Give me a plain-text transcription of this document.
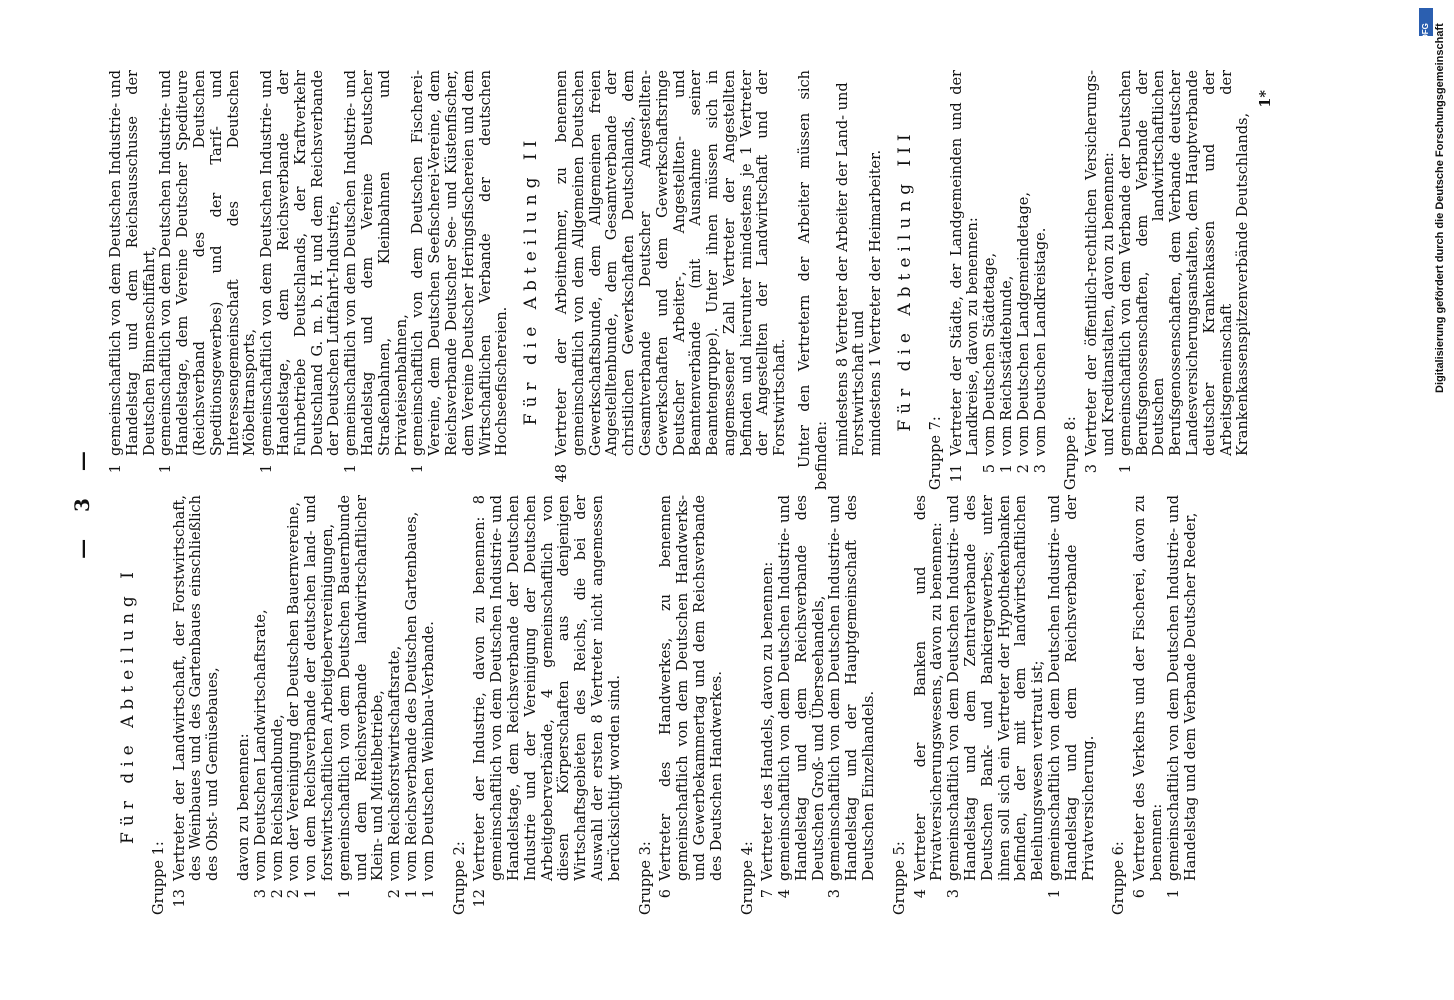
— 3 —
Für die Abteilung I
Gruppe 1: 13
Vertreter der Landwirtschaft, der Forstwirtschaft, des Weinbaues und des Gartenbaues einschließlich des Obst- und Gemüsebaues, davon zu benennen:
3
vom Deutschen Landwirtschaftsrate,
2
vom Reichslandbunde,
2
von der Vereinigung der Deutschen Bauernvereine,
1
von dem Reichsverbande der deutschen land- und forstwirtschaftlichen Arbeitgebervereinigungen,
1
gemeinschaftlich von dem Deutschen Bauernbunde und dem Reichsverbande landwirtschaftlicher Klein- und Mittelbetriebe,
2
vom Reichsforstwirtschaftsrate,
1
vom Reichsverbande des Deutschen Gartenbaues,
1
vom Deutschen Weinbau-Verbande. Gruppe 2: 12
Vertreter der Industrie, davon zu benennen: 8 gemeinschaftlich von dem Deutschen Industrie- und Handelstage, dem Reichsverbande der Deutschen Industrie und der Vereinigung der Deutschen Arbeitgeberverbände, 4 gemeinschaftlich von diesen Körperschaften aus denjenigen Wirtschaftsgebieten des Reichs, die bei der Auswahl der ersten 8 Vertreter nicht angemessen berücksichtigt worden sind. Gruppe 3: 6
Vertreter des Handwerkes, zu benennen gemeinschaftlich von dem Deutschen Handwerks- und Gewerbekammertag und dem Reichsverbande des Deutschen Handwerkes. Gruppe 4: 7
Vertreter des Handels, davon zu benennen:
4
gemeinschaftlich von dem Deutschen Industrie- und Handelstag und dem Reichsverbande des Deutschen Groß- und Überseehandels,
3
gemeinschaftlich von dem Deutschen Industrie- und Handelstag und der Hauptgemeinschaft des Deutschen Einzelhandels. Gruppe 5: 4
Vertreter der Banken und des Privatversicherungswesens, davon zu benennen:
3
gemeinschaftlich von dem Deutschen Industrie- und Handelstag und dem Zentralverbande des Deutschen Bank- und Bankiergewerbes; unter ihnen soll sich ein Vertreter der Hypothekenbanken befinden, der mit dem landwirtschaftlichen Beleihungswesen vertraut ist;
1
gemeinschaftlich von dem Deutschen Industrie- und Handelstag und dem Reichsverbande der Privatversicherung. Gruppe 6: 6
Vertreter des Verkehrs und der Fischerei, davon zu benennen:
1
gemeinschaftlich von dem Deutschen Industrie- und Handelstag und dem Verbande Deutscher Reeder,
1
gemeinschaftlich von dem Deutschen Industrie- und Handelstag und dem Reichsausschusse der Deutschen Binnenschiffahrt,
1
gemeinschaftlich von dem Deutschen Industrie- und Handelstage, dem Vereine Deutscher Spediteure (Reichsverband des Deutschen Speditionsgewerbes) und der Tarif- und Interessengemeinschaft des Deutschen Möbeltransports,
1
gemeinschaftlich von dem Deutschen Industrie- und Handelstage, dem Reichsverbande der Fuhrbetriebe Deutschlands, der Kraftverkehr Deutschland G. m. b. H. und dem Reichsverbande der Deutschen Luftfahrt-Industrie,
1
gemeinschaftlich von dem Deutschen Industrie- und Handelstag und dem Vereine Deutscher Straßenbahnen, Kleinbahnen und Privateisenbahnen,
1
gemeinschaftlich von dem Deutschen Fischerei-Vereine, dem Deutschen Seefischerei-Vereine, dem Reichsverbande Deutscher See- und Küstenfischer, dem Vereine Deutscher Heringsfischereien und dem Wirtschaftlichen Verbande der deutschen Hochseefischereien. Für die Abteilung II
48
Vertreter der Arbeitnehmer, zu benennen gemeinschaftlich von dem Allgemeinen Deutschen Gewerkschaftsbunde, dem Allgemeinen freien Angestelltenbunde, dem Gesamtverbande der christlichen Gewerkschaften Deutschlands, dem Gesamtverbande Deutscher Angestellten-Gewerkschaften und dem Gewerkschaftsringe Deutscher Arbeiter-, Angestellten- und Beamtenverbände (mit Ausnahme seiner Beamtengruppe). Unter ihnen müssen sich in angemessener Zahl Vertreter der Angestellten befinden und hierunter mindestens je 1 Vertreter der Angestellten der Landwirtschaft und der Forstwirtschaft. Unter den Vertretern der Arbeiter müssen sich befinden: mindestens 8 Vertreter der Arbeiter der Land- und Forstwirtschaft und mindestens 1 Vertreter der Heimarbeiter. Für die Abteilung III
Gruppe 7: 11
Vertreter der Städte, der Landgemeinden und der Landkreise, davon zu benennen:
5
vom Deutschen Städtetage,
1
vom Reichsstädtebunde,
2
vom Deutschen Landgemeindetage,
3
vom Deutschen Landkreistage. Gruppe 8: 3
Vertreter der öffentlich-rechtlichen Versicherungs- und Kreditanstalten, davon zu benennen:
1
gemeinschaftlich von dem Verbande der Deutschen Berufsgenossenschaften, dem Verbande der Deutschen landwirtschaftlichen Berufsgenossenschaften, dem Verbande deutscher Landesversicherungsanstalten, dem Hauptverbande deutscher Krankenkassen und der Arbeitsgemeinschaft der Krankenkassenspitzenverbände Deutschlands,
1*	Digitalisierung gefördert durch die Deutsche Forschungsgemeinschaft
DFG
